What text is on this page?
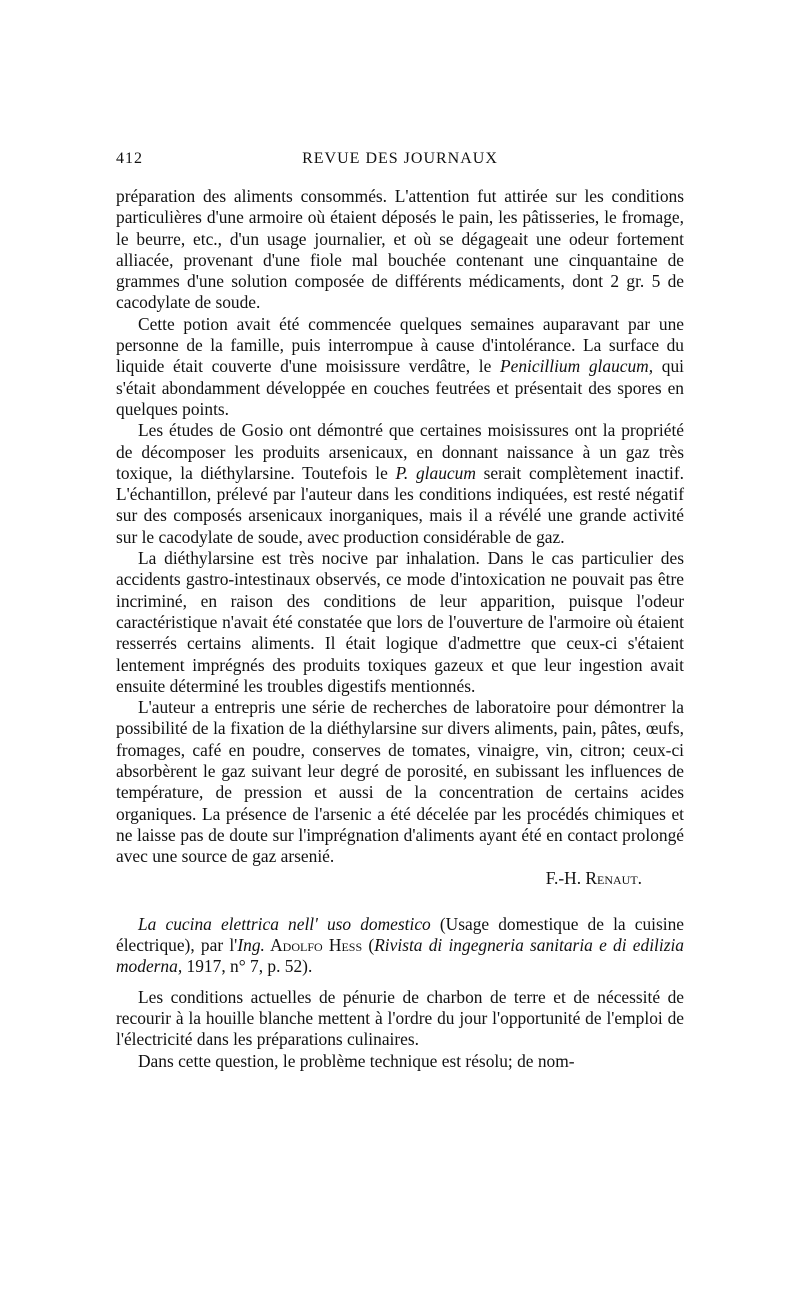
412	REVUE DES JOURNAUX

préparation des aliments consommés. L'attention fut attirée sur les conditions particulières d'une armoire où étaient déposés le pain, les pâtisseries, le fromage, le beurre, etc., d'un usage journalier, et où se dégageait une odeur fortement alliacée, provenant d'une fiole mal bouchée contenant une cinquantaine de grammes d'une solution composée de différents médicaments, dont 2 gr. 5 de cacodylate de soude.

Cette potion avait été commencée quelques semaines auparavant par une personne de la famille, puis interrompue à cause d'intolérance. La surface du liquide était couverte d'une moisissure verdâtre, le Penicillium glaucum, qui s'était abondamment développée en couches feutrées et présentait des spores en quelques points.

Les études de Gosio ont démontré que certaines moisissures ont la propriété de décomposer les produits arsenicaux, en donnant naissance à un gaz très toxique, la diéthylarsine. Toutefois le P. glaucum serait complètement inactif. L'échantillon, prélevé par l'auteur dans les conditions indiquées, est resté négatif sur des composés arsenicaux inorganiques, mais il a révélé une grande activité sur le cacodylate de soude, avec production considérable de gaz.

La diéthylarsine est très nocive par inhalation. Dans le cas particulier des accidents gastro-intestinaux observés, ce mode d'intoxication ne pouvait pas être incriminé, en raison des conditions de leur apparition, puisque l'odeur caractéristique n'avait été constatée que lors de l'ouverture de l'armoire où étaient resserrés certains aliments. Il était logique d'admettre que ceux-ci s'étaient lentement imprégnés des produits toxiques gazeux et que leur ingestion avait ensuite déterminé les troubles digestifs mentionnés.

L'auteur a entrepris une série de recherches de laboratoire pour démontrer la possibilité de la fixation de la diéthylarsine sur divers aliments, pain, pâtes, œufs, fromages, café en poudre, conserves de tomates, vinaigre, vin, citron; ceux-ci absorbèrent le gaz suivant leur degré de porosité, en subissant les influences de température, de pression et aussi de la concentration de certains acides organiques. La présence de l'arsenic a été décelée par les procédés chimiques et ne laisse pas de doute sur l'imprégnation d'aliments ayant été en contact prolongé avec une source de gaz arsenié.

F.-H. Renaut.

La cucina elettrica nell' uso domestico (Usage domestique de la cuisine électrique), par l'Ing. Adolfo Hess (Rivista di ingegneria sanitaria e di edilizia moderna, 1917, n° 7, p. 52).

Les conditions actuelles de pénurie de charbon de terre et de nécessité de recourir à la houille blanche mettent à l'ordre du jour l'opportunité de l'emploi de l'électricité dans les préparations culinaires.

Dans cette question, le problème technique est résolu; de nom-
